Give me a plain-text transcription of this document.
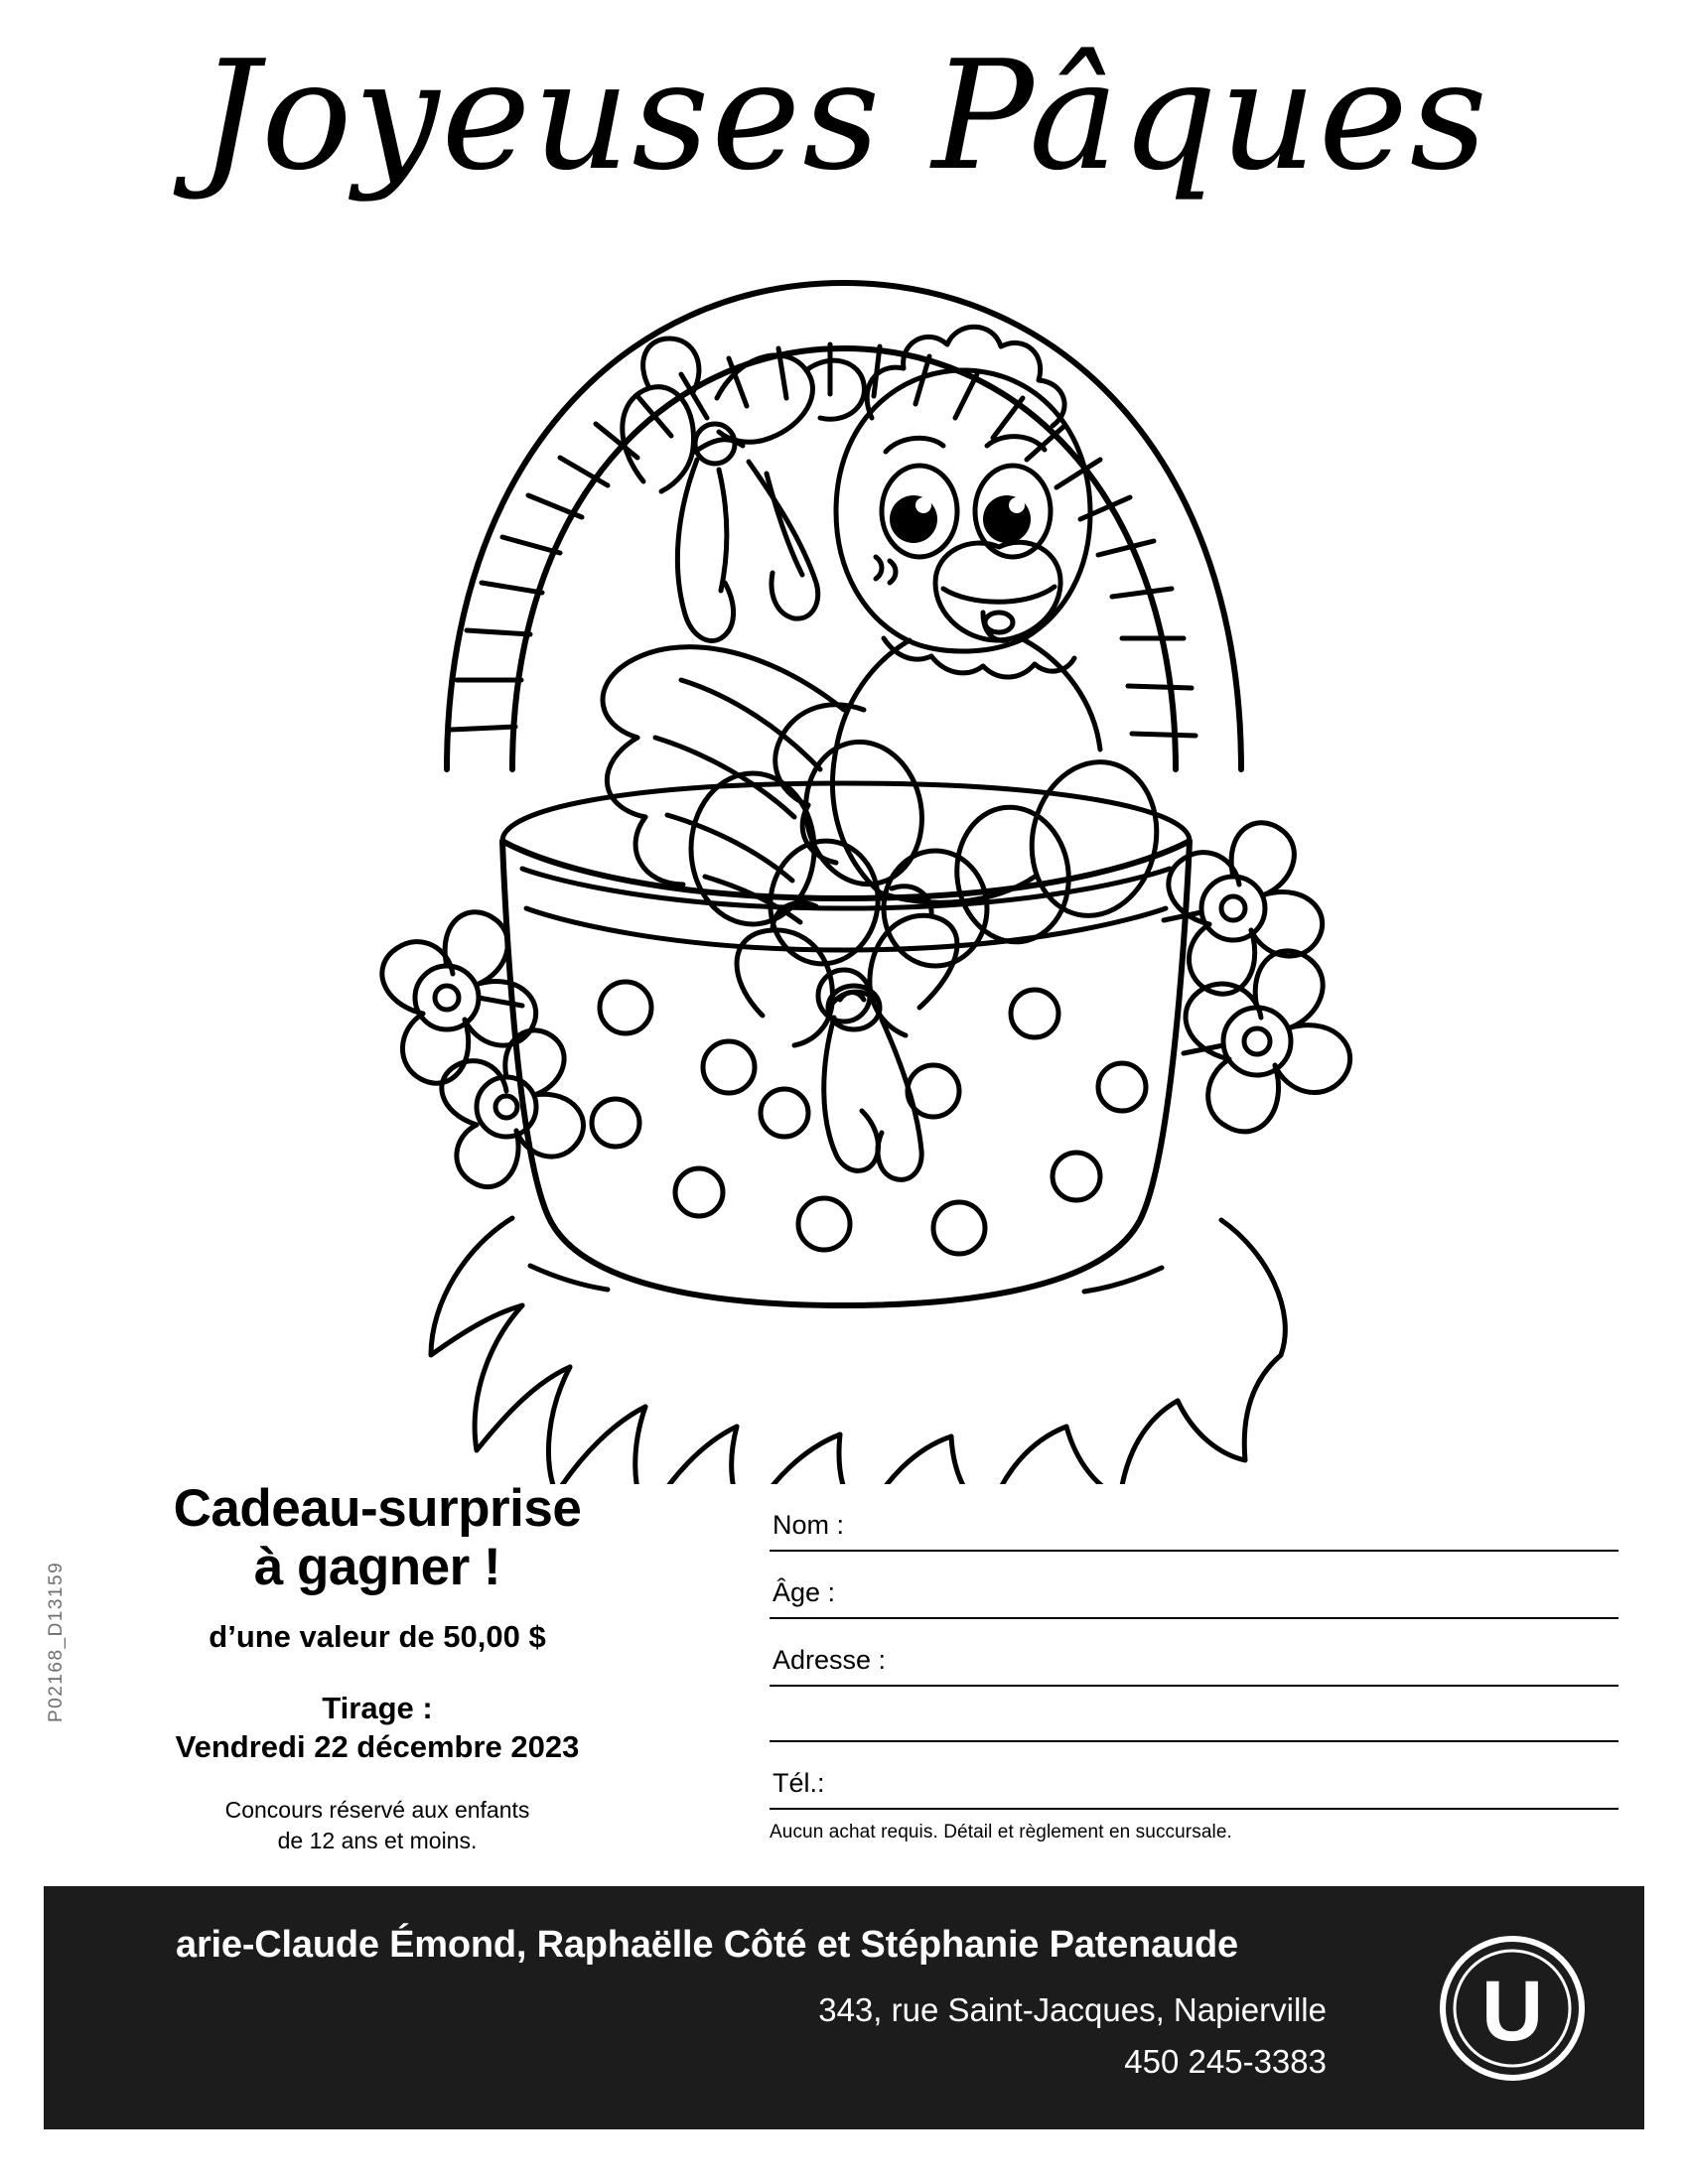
Joyeuses Pâques
P02168_D13159
Cadeau-surprise
à gagner !
d’une valeur de 50,00 $
Tirage :
Vendredi 22 décembre 2023
Concours réservé aux enfants
de 12 ans et moins.
Nom :
Âge :
Adresse :
Tél.:
Aucun achat requis. Détail et règlement en succursale.
arie-Claude Émond, Raphaëlle Côté et Stéphanie Patenaude
343, rue Saint-Jacques, Napierville
450 245-3383
U
